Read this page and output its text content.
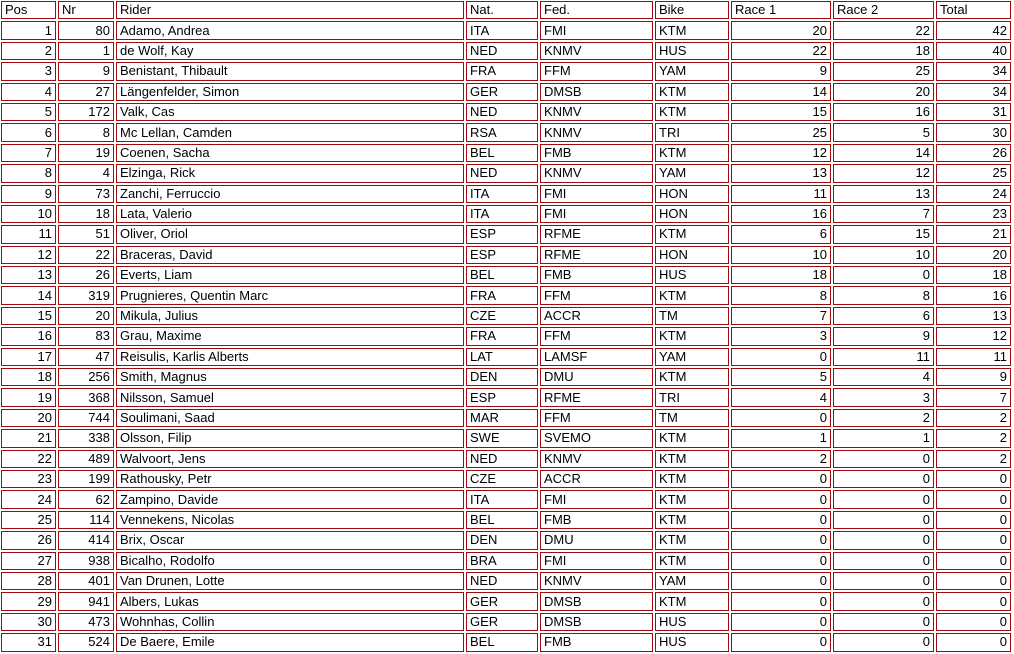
Pos	Nr	Rider	Nat.	Fed.	Bike	Race 1	Race 2	Total
1	80	Adamo, Andrea	ITA	FMI	KTM	20	22	42
2	1	de Wolf, Kay	NED	KNMV	HUS	22	18	40
3	9	Benistant, Thibault	FRA	FFM	YAM	9	25	34
4	27	Längenfelder, Simon	GER	DMSB	KTM	14	20	34
5	172	Valk, Cas	NED	KNMV	KTM	15	16	31
6	8	Mc Lellan, Camden	RSA	KNMV	TRI	25	5	30
7	19	Coenen, Sacha	BEL	FMB	KTM	12	14	26
8	4	Elzinga, Rick	NED	KNMV	YAM	13	12	25
9	73	Zanchi, Ferruccio	ITA	FMI	HON	11	13	24
10	18	Lata, Valerio	ITA	FMI	HON	16	7	23
11	51	Oliver, Oriol	ESP	RFME	KTM	6	15	21
12	22	Braceras, David	ESP	RFME	HON	10	10	20
13	26	Everts, Liam	BEL	FMB	HUS	18	0	18
14	319	Prugnieres, Quentin Marc	FRA	FFM	KTM	8	8	16
15	20	Mikula, Julius	CZE	ACCR	TM	7	6	13
16	83	Grau, Maxime	FRA	FFM	KTM	3	9	12
17	47	Reisulis, Karlis Alberts	LAT	LAMSF	YAM	0	11	11
18	256	Smith, Magnus	DEN	DMU	KTM	5	4	9
19	368	Nilsson, Samuel	ESP	RFME	TRI	4	3	7
20	744	Soulimani, Saad	MAR	FFM	TM	0	2	2
21	338	Olsson, Filip	SWE	SVEMO	KTM	1	1	2
22	489	Walvoort, Jens	NED	KNMV	KTM	2	0	2
23	199	Rathousky, Petr	CZE	ACCR	KTM	0	0	0
24	62	Zampino, Davide	ITA	FMI	KTM	0	0	0
25	114	Vennekens, Nicolas	BEL	FMB	KTM	0	0	0
26	414	Brix, Oscar	DEN	DMU	KTM	0	0	0
27	938	Bicalho, Rodolfo	BRA	FMI	KTM	0	0	0
28	401	Van Drunen, Lotte	NED	KNMV	YAM	0	0	0
29	941	Albers, Lukas	GER	DMSB	KTM	0	0	0
30	473	Wohnhas, Collin	GER	DMSB	HUS	0	0	0
31	524	De Baere, Emile	BEL	FMB	HUS	0	0	0
